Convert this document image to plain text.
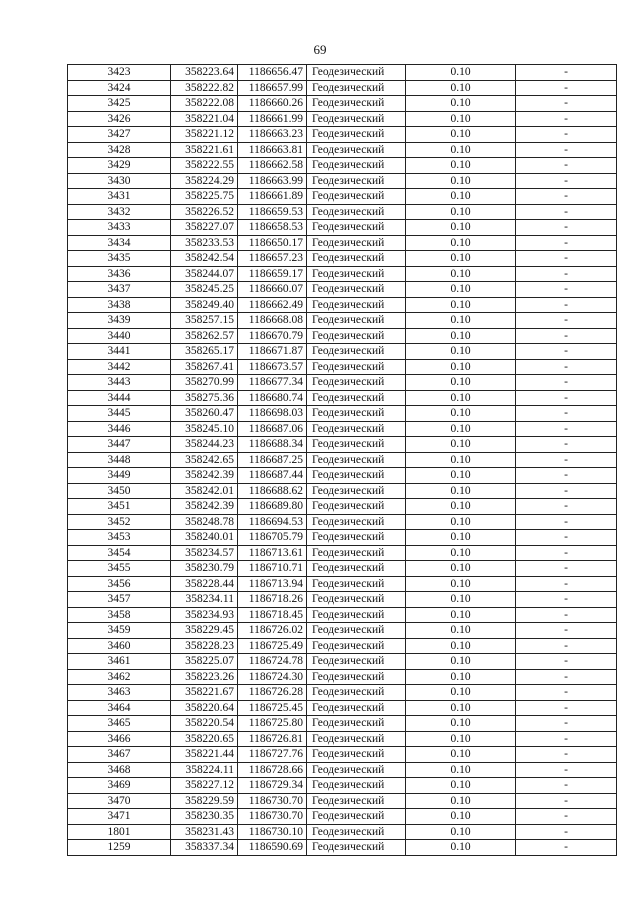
69
3423	358223.64	1186656.47	Геодезический	0.10	-
3424	358222.82	1186657.99	Геодезический	0.10	-
3425	358222.08	1186660.26	Геодезический	0.10	-
3426	358221.04	1186661.99	Геодезический	0.10	-
3427	358221.12	1186663.23	Геодезический	0.10	-
3428	358221.61	1186663.81	Геодезический	0.10	-
3429	358222.55	1186662.58	Геодезический	0.10	-
3430	358224.29	1186663.99	Геодезический	0.10	-
3431	358225.75	1186661.89	Геодезический	0.10	-
3432	358226.52	1186659.53	Геодезический	0.10	-
3433	358227.07	1186658.53	Геодезический	0.10	-
3434	358233.53	1186650.17	Геодезический	0.10	-
3435	358242.54	1186657.23	Геодезический	0.10	-
3436	358244.07	1186659.17	Геодезический	0.10	-
3437	358245.25	1186660.07	Геодезический	0.10	-
3438	358249.40	1186662.49	Геодезический	0.10	-
3439	358257.15	1186668.08	Геодезический	0.10	-
3440	358262.57	1186670.79	Геодезический	0.10	-
3441	358265.17	1186671.87	Геодезический	0.10	-
3442	358267.41	1186673.57	Геодезический	0.10	-
3443	358270.99	1186677.34	Геодезический	0.10	-
3444	358275.36	1186680.74	Геодезический	0.10	-
3445	358260.47	1186698.03	Геодезический	0.10	-
3446	358245.10	1186687.06	Геодезический	0.10	-
3447	358244.23	1186688.34	Геодезический	0.10	-
3448	358242.65	1186687.25	Геодезический	0.10	-
3449	358242.39	1186687.44	Геодезический	0.10	-
3450	358242.01	1186688.62	Геодезический	0.10	-
3451	358242.39	1186689.80	Геодезический	0.10	-
3452	358248.78	1186694.53	Геодезический	0.10	-
3453	358240.01	1186705.79	Геодезический	0.10	-
3454	358234.57	1186713.61	Геодезический	0.10	-
3455	358230.79	1186710.71	Геодезический	0.10	-
3456	358228.44	1186713.94	Геодезический	0.10	-
3457	358234.11	1186718.26	Геодезический	0.10	-
3458	358234.93	1186718.45	Геодезический	0.10	-
3459	358229.45	1186726.02	Геодезический	0.10	-
3460	358228.23	1186725.49	Геодезический	0.10	-
3461	358225.07	1186724.78	Геодезический	0.10	-
3462	358223.26	1186724.30	Геодезический	0.10	-
3463	358221.67	1186726.28	Геодезический	0.10	-
3464	358220.64	1186725.45	Геодезический	0.10	-
3465	358220.54	1186725.80	Геодезический	0.10	-
3466	358220.65	1186726.81	Геодезический	0.10	-
3467	358221.44	1186727.76	Геодезический	0.10	-
3468	358224.11	1186728.66	Геодезический	0.10	-
3469	358227.12	1186729.34	Геодезический	0.10	-
3470	358229.59	1186730.70	Геодезический	0.10	-
3471	358230.35	1186730.70	Геодезический	0.10	-
1801	358231.43	1186730.10	Геодезический	0.10	-
1259	358337.34	1186590.69	Геодезический	0.10	-
